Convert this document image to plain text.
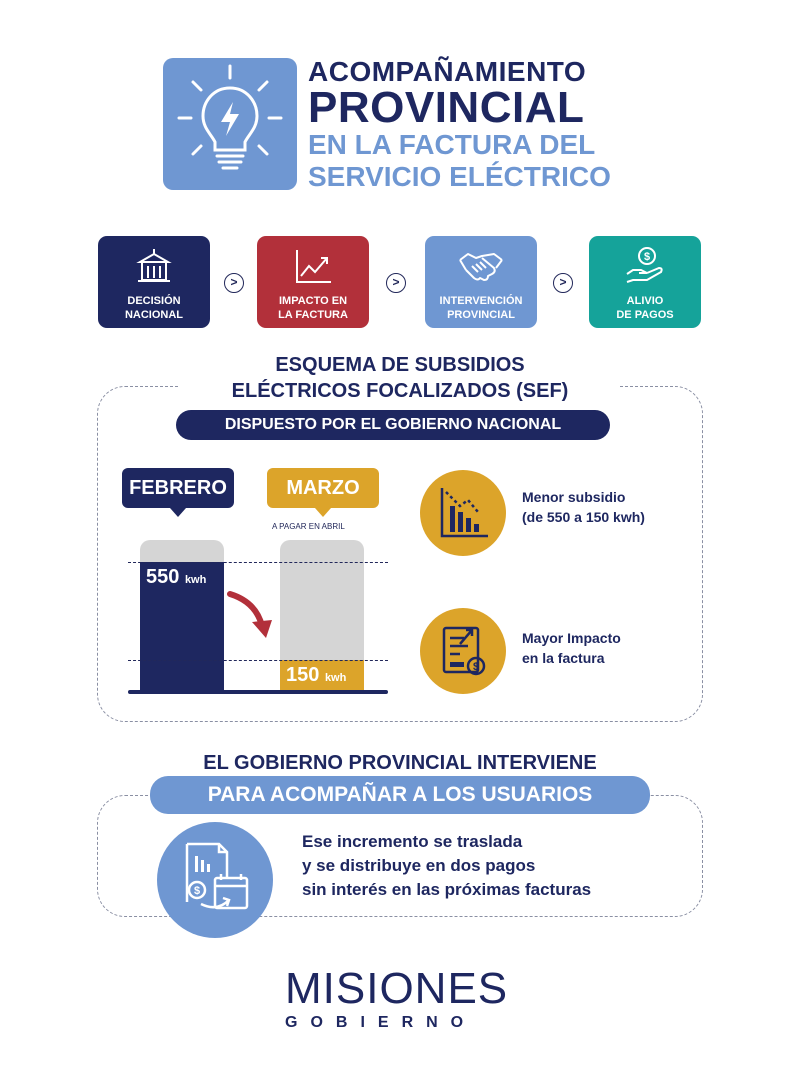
ACOMPAÑAMIENTO
PROVINCIAL
EN LA FACTURA DEL
SERVICIO ELÉCTRICO
DECISIÓN
NACIONAL
>
IMPACTO EN
LA FACTURA
>
INTERVENCIÓN
PROVINCIAL
>
$
ALIVIO
DE PAGOS
ESQUEMA DE SUBSIDIOS
ELÉCTRICOS FOCALIZADOS (SEF)
DISPUESTO POR EL GOBIERNO NACIONAL
FEBRERO	MARZO
A PAGAR EN ABRIL
550 kwh
150 kwh
Menor subsidio
(de 550 a 150 kwh)
$
Mayor Impacto
en la factura
EL GOBIERNO PROVINCIAL INTERVIENE
PARA ACOMPAÑAR A LOS USUARIOS
$
Ese incremento se traslada
y se distribuye en dos pagos
sin interés en las próximas facturas
MISIONES
GOBIERNO
